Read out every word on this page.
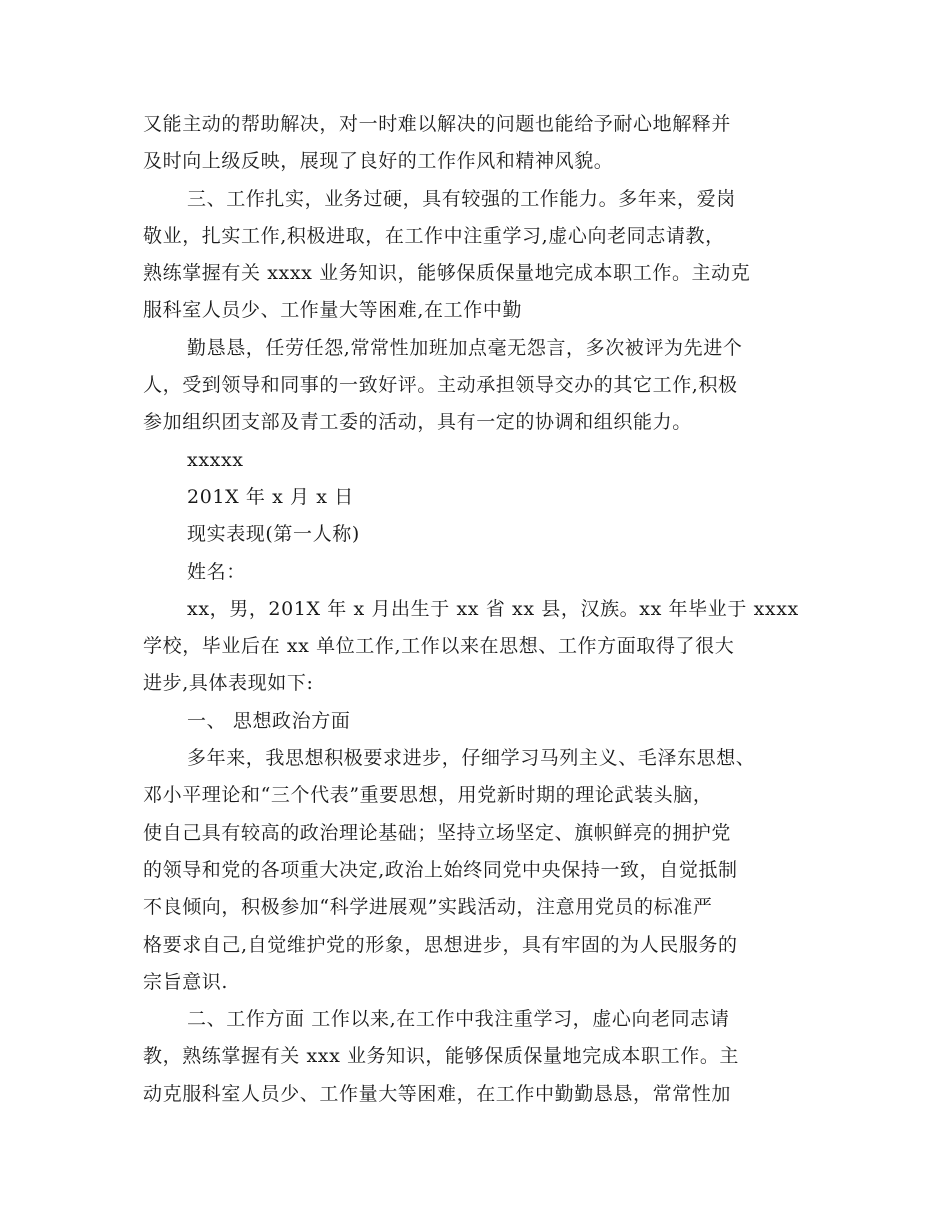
又能主动的帮助解决，对一时难以解决的问题也能给予耐心地解释并
及时向上级反映，展现了良好的工作作风和精神风貌。

三、工作扎实，业务过硬，具有较强的工作能力。多年来，爱岗
敬业，扎实工作,积极进取，在工作中注重学习,虚心向老同志请教，
熟练掌握有关 xxxx 业务知识，能够保质保量地完成本职工作。主动克
服科室人员少、工作量大等困难,在工作中勤

勤恳恳，任劳任怨,常常性加班加点毫无怨言，多次被评为先进个
人，受到领导和同事的一致好评。主动承担领导交办的其它工作,积极
参加组织团支部及青工委的活动，具有一定的协调和组织能力。

xxxxx

201X 年 x 月 x 日

现实表现(第一人称)

姓名：

xx，男，201X 年 x 月出生于 xx 省 xx 县，汉族。xx 年毕业于 xxxx
学校，毕业后在 xx 单位工作,工作以来在思想、工作方面取得了很大
进步,具体表现如下:

一、 思想政治方面

多年来，我思想积极要求进步，仔细学习马列主义、毛泽东思想、
邓小平理论和“三个代表”重要思想，用党新时期的理论武装头脑，
使自己具有较高的政治理论基础；坚持立场坚定、旗帜鲜亮的拥护党
的领导和党的各项重大决定,政治上始终同党中央保持一致，自觉抵制
不良倾向，积极参加“科学进展观”实践活动，注意用党员的标准严
格要求自己,自觉维护党的形象，思想进步，具有牢固的为人民服务的
宗旨意识.

二、工作方面 工作以来,在工作中我注重学习，虚心向老同志请
教，熟练掌握有关 xxx 业务知识，能够保质保量地完成本职工作。主
动克服科室人员少、工作量大等困难，在工作中勤勤恳恳，常常性加
